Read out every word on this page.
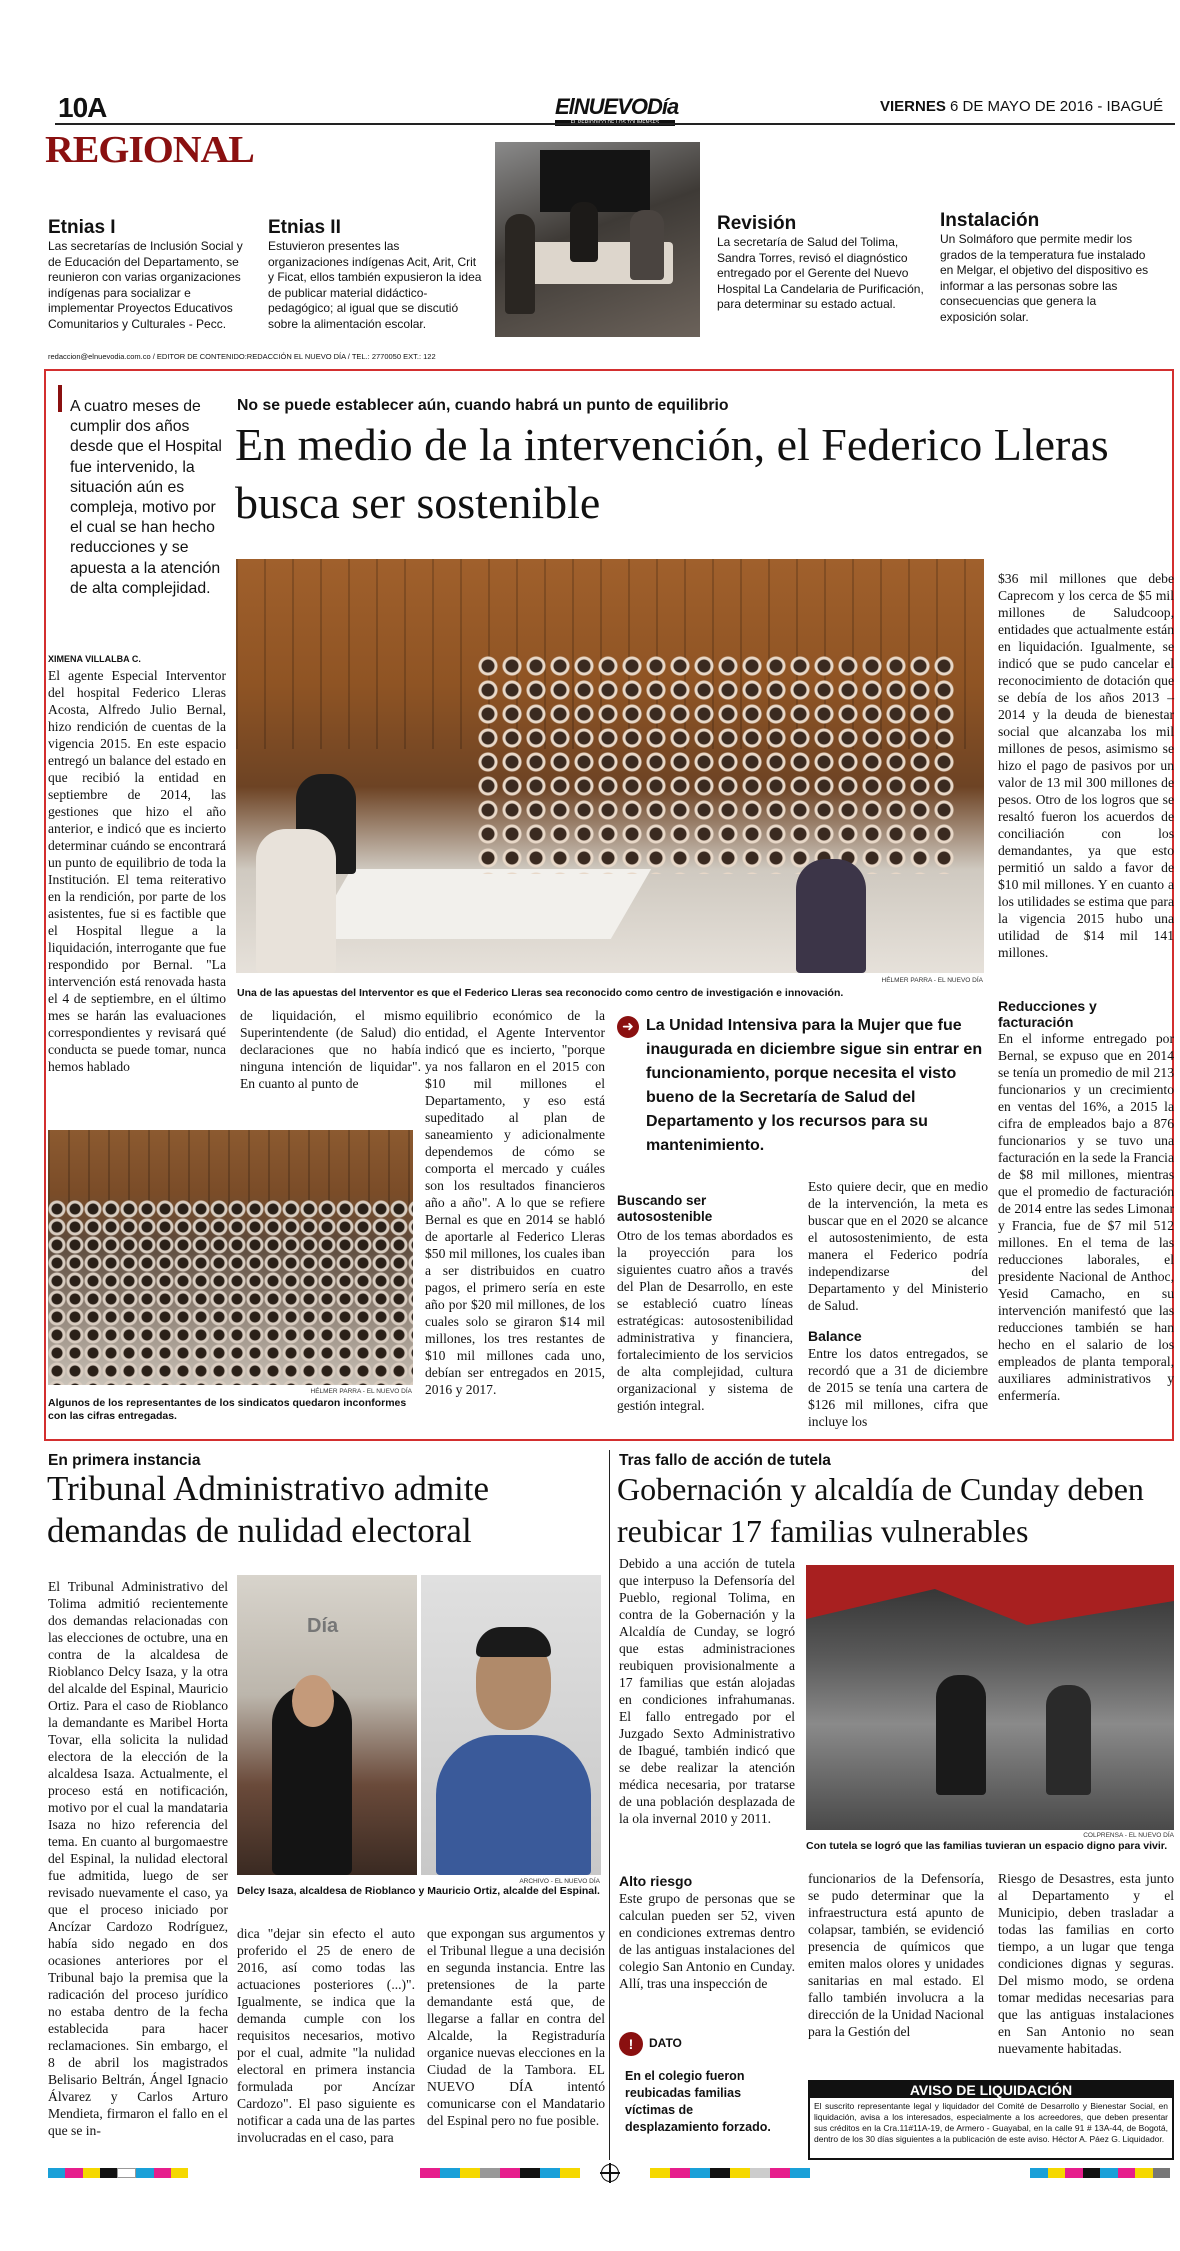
10A	ElNUEVODía	VIERNES 6 DE MAYO DE 2016 - IBAGUÉ
REGIONAL
Etnias I
Las secretarías de Inclusión Social y de Educación del Departamento, se reunieron con varias organizaciones indígenas para socializar e implementar Proyectos Educativos Comunitarios y Culturales - Pecc.
Etnias II
Estuvieron presentes las organizaciones indígenas Acit, Arit, Crit y Ficat, ellos también expusieron la idea de publicar material didáctico-pedagógico; al igual que se discutió sobre la alimentación escolar.
Revisión
La secretaría de Salud del Tolima, Sandra Torres, revisó el diagnóstico entregado por el Gerente del Nuevo Hospital La Candelaria de Purificación, para determinar su estado actual.
Instalación
Un Solmáforo que permite medir los grados de la temperatura fue instalado en Melgar, el objetivo del dispositivo es informar a las personas sobre las consecuencias que genera la exposición solar.
redaccion@elnuevodia.com.co / EDITOR DE CONTENIDO:REDACCIÓN EL NUEVO DÍA / TEL.: 2770050 EXT.: 122
A cuatro meses de cumplir dos años desde que el Hospital fue intervenido, la situación aún es compleja, motivo por el cual se han hecho reducciones y se apuesta a la atención de alta complejidad.
XIMENA VILLALBA C.
El agente Especial Interventor del hospital Federico Lleras Acosta, Alfredo Julio Bernal, hizo rendición de cuentas de la vigencia 2015. En este espacio entregó un balance del estado en que recibió la entidad en septiembre de 2014, las gestiones que hizo el año anterior, e indicó que es incierto determinar cuándo se encontrará un punto de equilibrio de toda la Institución. El tema reiterativo en la rendición, por parte de los asistentes, fue si es factible que el Hospital llegue a la liquidación, interrogante que fue respondido por Bernal. "La intervención está renovada hasta el 4 de septiembre, en el último mes se harán las evaluaciones correspondientes y revisará qué conducta se puede tomar, nunca hemos hablado
No se puede establecer aún, cuando habrá un punto de equilibrio
En medio de la intervención, el Federico Lleras busca ser sostenible
HÉLMER PARRA - EL NUEVO DÍA
Una de las apuestas del Interventor es que el Federico Lleras sea reconocido como centro de investigación e innovación.
de liquidación, el mismo Superintendente (de Salud) dio declaraciones que no había ninguna intención de liquidar". En cuanto al punto de
equilibrio económico de la entidad, el Agente Interventor indicó que es incierto, "porque ya nos fallaron en el 2015 con $10 mil millones el Departamento, y eso está supeditado al plan de saneamiento y adicionalmente dependemos de cómo se comporta el mercado y cuáles son los resultados financieros año a año". A lo que se refiere Bernal es que en 2014 se habló de aportarle al Federico Lleras $50 mil millones, los cuales iban a ser distribuidos en cuatro pagos, el primero sería en este año por $20 mil millones, de los cuales solo se giraron $14 mil millones, los tres restantes de $10 mil millones cada uno, debían ser entregados en 2015, 2016 y 2017.
➜ La Unidad Intensiva para la Mujer que fue inaugurada en diciembre sigue sin entrar en funcionamiento, porque necesita el visto bueno de la Secretaría de Salud del Departamento y los recursos para su mantenimiento.
Buscando ser autosostenible
Otro de los temas abordados es la proyección para los siguientes cuatro años a través del Plan de Desarrollo, en este se estableció cuatro líneas estratégicas: autosostenibilidad administrativa y financiera, fortalecimiento de los servicios de alta complejidad, cultura organizacional y sistema de gestión integral.
Esto quiere decir, que en medio de la intervención, la meta es buscar que en el 2020 se alcance el autosostenimiento, de esta manera el Federico podría independizarse del Departamento y del Ministerio de Salud.
Balance
Entre los datos entregados, se recordó que a 31 de diciembre de 2015 se tenía una cartera de $126 mil millones, cifra que incluye los
$36 mil millones que debe Caprecom y los cerca de $5 mil millones de Saludcoop, entidades que actualmente están en liquidación. Igualmente, se indicó que se pudo cancelar el reconocimiento de dotación que se debía de los años 2013 – 2014 y la deuda de bienestar social que alcanzaba los mil millones de pesos, asimismo se hizo el pago de pasivos por un valor de 13 mil 300 millones de pesos. Otro de los logros que se resaltó fueron los acuerdos de conciliación con los demandantes, ya que esto permitió un saldo a favor de $10 mil millones. Y en cuanto a los utilidades se estima que para la vigencia 2015 hubo una utilidad de $14 mil 141 millones.
Reducciones y facturación
En el informe entregado por Bernal, se expuso que en 2014 se tenía un promedio de mil 213 funcionarios y un crecimiento en ventas del 16%, a 2015 la cifra de empleados bajo a 876 funcionarios y se tuvo una facturación en la sede la Francia de $8 mil millones, mientras que el promedio de facturación de 2014 entre las sedes Limonar y Francia, fue de $7 mil 512 millones. En el tema de las reducciones laborales, el presidente Nacional de Anthoc, Yesid Camacho, en su intervención manifestó que las reducciones también se han hecho en el salario de los empleados de planta temporal, auxiliares administrativos y enfermería.
HÉLMER PARRA - EL NUEVO DÍA
Algunos de los representantes de los sindicatos quedaron inconformes con las cifras entregadas.
En primera instancia
Tribunal Administrativo admite demandas de nulidad electoral
El Tribunal Administrativo del Tolima admitió recientemente dos demandas relacionadas con las elecciones de octubre, una en contra de la alcaldesa de Rioblanco Delcy Isaza, y la otra del alcalde del Espinal, Mauricio Ortiz. Para el caso de Rioblanco la demandante es Maribel Horta Tovar, ella solicita la nulidad electora de la elección de la alcaldesa Isaza. Actualmente, el proceso está en notificación, motivo por el cual la mandataria Isaza no hizo referencia del tema. En cuanto al burgomaestre del Espinal, la nulidad electoral fue admitida, luego de ser revisado nuevamente el caso, ya que el proceso iniciado por Ancízar Cardozo Rodríguez, había sido negado en dos ocasiones anteriores por el Tribunal bajo la premisa que la radicación del proceso jurídico no estaba dentro de la fecha establecida para hacer reclamaciones. Sin embargo, el 8 de abril los magistrados Belisario Beltrán, Ángel Ignacio Álvarez y Carlos Arturo Mendieta, firmaron el fallo en el que se in-
Día
ARCHIVO - EL NUEVO DÍA
Delcy Isaza, alcaldesa de Rioblanco y Mauricio Ortiz, alcalde del Espinal.
dica "dejar sin efecto el auto proferido el 25 de enero de 2016, así como todas las actuaciones posteriores (...)". Igualmente, se indica que la demanda cumple con los requisitos necesarios, motivo por el cual, admite "la nulidad electoral en primera instancia formulada por Ancízar Cardozo". El paso siguiente es notificar a cada una de las partes involucradas en el caso, para
que expongan sus argumentos y el Tribunal llegue a una decisión en segunda instancia. Entre las pretensiones de la parte demandante está que, de llegarse a fallar en contra del Alcalde, la Registraduría organice nuevas elecciones en la Ciudad de la Tambora. EL NUEVO DÍA intentó comunicarse con el Mandatario del Espinal pero no fue posible.
Tras fallo de acción de tutela
Gobernación y alcaldía de Cunday deben reubicar 17 familias vulnerables
Debido a una acción de tutela que interpuso la Defensoría del Pueblo, regional Tolima, en contra de la Gobernación y la Alcaldía de Cunday, se logró que estas administraciones reubiquen provisionalmente a 17 familias que están alojadas en condiciones infrahumanas. El fallo entregado por el Juzgado Sexto Administrativo de Ibagué, también indicó que se debe realizar la atención médica necesaria, por tratarse de una población desplazada de la ola invernal 2010 y 2011.
Alto riesgo
Este grupo de personas que se calculan pueden ser 52, viven en condiciones extremas dentro de las antiguas instalaciones del colegio San Antonio en Cunday. Allí, tras una inspección de
!	DATO
En el colegio fueron reubicadas familias víctimas de desplazamiento forzado.
COLPRENSA - EL NUEVO DÍA
Con tutela se logró que las familias tuvieran un espacio digno para vivir.
funcionarios de la Defensoría, se pudo determinar que la infraestructura está apunto de colapsar, también, se evidenció presencia de químicos que emiten malos olores y unidades sanitarias en mal estado. El fallo también involucra a la dirección de la Unidad Nacional para la Gestión del
Riesgo de Desastres, esta junto al Departamento y el Municipio, deben trasladar a todas las familias en corto tiempo, a un lugar que tenga condiciones dignas y seguras. Del mismo modo, se ordena tomar medidas necesarias para que las antiguas instalaciones en San Antonio no sean nuevamente habitadas.
AVISO DE LIQUIDACIÓN
El suscrito representante legal y liquidador del Comité de Desarrollo y Bienestar Social, en liquidación, avisa a los interesados, especialmente a los acreedores, que deben presentar sus créditos en la Cra.11#11A-19, de Armero - Guayabal, en la calle 91 # 13A-44, de Bogotá, dentro de los 30 días siguientes a la publicación de este aviso. Héctor A. Páez G. Liquidador.
